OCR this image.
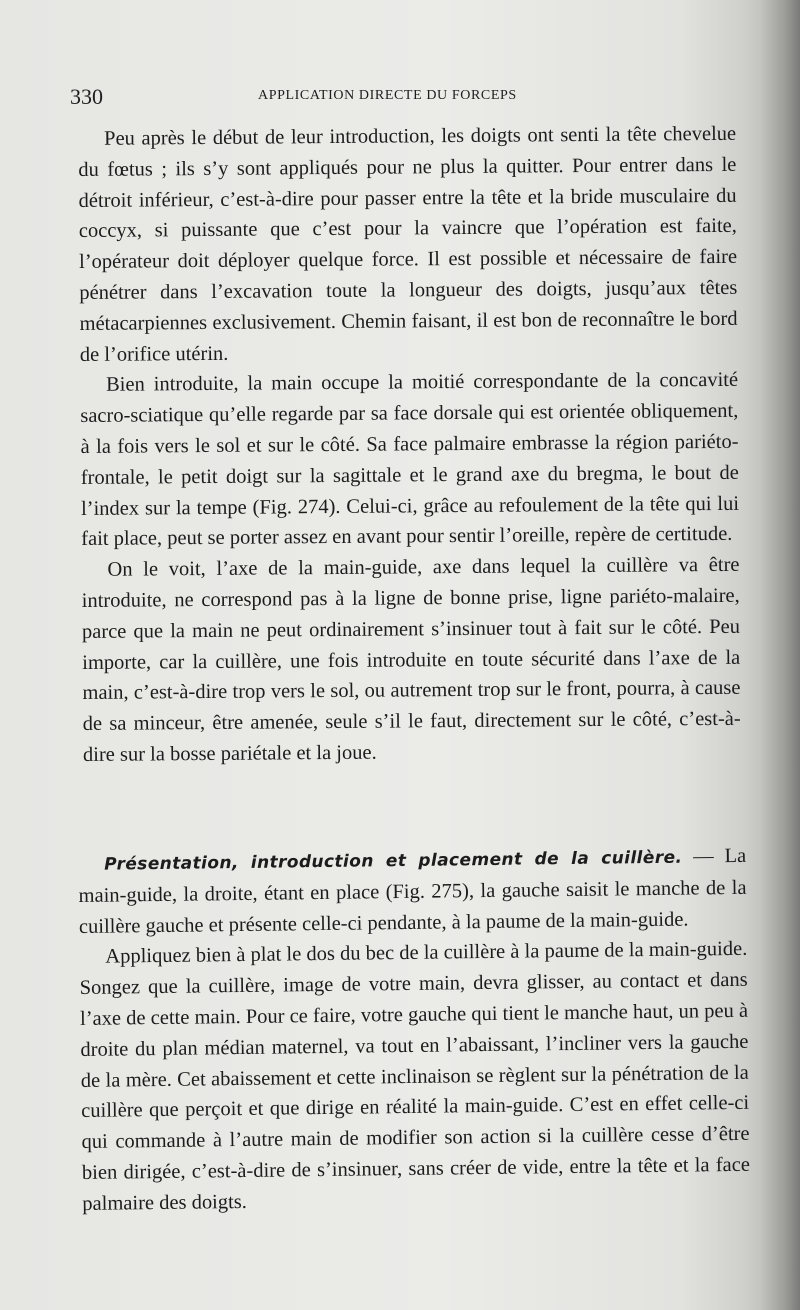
330	APPLICATION DIRECTE DU FORCEPS

Peu après le début de leur introduction, les doigts ont senti la tête chevelue du fœtus ; ils s’y sont appliqués pour ne plus la quitter. Pour entrer dans le détroit inférieur, c’est-à-dire pour passer entre la tête et la bride musculaire du coccyx, si puissante que c’est pour la vaincre que l’opération est faite, l’opérateur doit déployer quelque force. Il est possible et nécessaire de faire pénétrer dans l’excavation toute la longueur des doigts, jusqu’aux têtes métacarpiennes exclusivement. Chemin faisant, il est bon de reconnaître le bord de l’orifice utérin.

Bien introduite, la main occupe la moitié correspondante de la concavité sacro-sciatique qu’elle regarde par sa face dorsale qui est orientée obliquement, à la fois vers le sol et sur le côté. Sa face palmaire embrasse la région pariéto-frontale, le petit doigt sur la sagittale et le grand axe du bregma, le bout de l’index sur la tempe (Fig. 274). Celui-ci, grâce au refoulement de la tête qui lui fait place, peut se porter assez en avant pour sentir l’oreille, repère de certitude.

On le voit, l’axe de la main-guide, axe dans lequel la cuillère va être introduite, ne correspond pas à la ligne de bonne prise, ligne pariéto-malaire, parce que la main ne peut ordinairement s’insinuer tout à fait sur le côté. Peu importe, car la cuillère, une fois introduite en toute sécurité dans l’axe de la main, c’est-à-dire trop vers le sol, ou autrement trop sur le front, pourra, à cause de sa minceur, être amenée, seule s’il le faut, directement sur le côté, c’est-à-dire sur la bosse pariétale et la joue.

Présentation, introduction et placement de la cuillère. — La main-guide, la droite, étant en place (Fig. 275), la gauche saisit le manche de la cuillère gauche et présente celle-ci pendante, à la paume de la main-guide.

Appliquez bien à plat le dos du bec de la cuillère à la paume de la main-guide. Songez que la cuillère, image de votre main, devra glisser, au contact et dans l’axe de cette main. Pour ce faire, votre gauche qui tient le manche haut, un peu à droite du plan médian maternel, va tout en l’abaissant, l’incliner vers la gauche de la mère. Cet abaissement et cette inclinaison se règlent sur la pénétration de la cuillère que perçoit et que dirige en réalité la main-guide. C’est en effet celle-ci qui commande à l’autre main de modifier son action si la cuillère cesse d’être bien dirigée, c’est-à-dire de s’insinuer, sans créer de vide, entre la tête et la face palmaire des doigts.
